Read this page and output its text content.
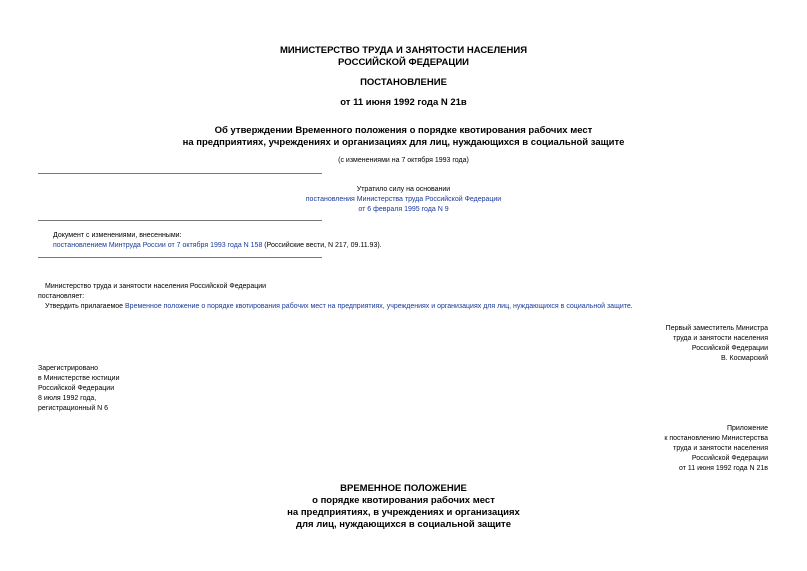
МИНИСТЕРСТВО ТРУДА И ЗАНЯТОСТИ НАСЕЛЕНИЯ
РОССИЙСКОЙ ФЕДЕРАЦИИ
ПОСТАНОВЛЕНИЕ
от 11 июня 1992 года N 21в
Об утверждении Временного положения о порядке квотирования рабочих мест
на предприятиях, учреждениях и организациях для лиц, нуждающихся в социальной защите
(с изменениями на 7 октября 1993 года)
Утратило силу на основании
постановления Министерства труда Российской Федерации
от 6 февраля 1995 года N 9
Документ с изменениями, внесенными:
постановлением Минтруда России от 7 октября 1993 года N 158 (Российские вести, N 217, 09.11.93).
Министерство труда и занятости населения Российской Федерации
постановляет:
Утвердить прилагаемое Временное положение о порядке квотирования рабочих мест на предприятиях, учреждениях и организациях для лиц, нуждающихся в социальной защите.
Первый заместитель Министра
труда и занятости населения
Российской Федерации
В. Космарский
Зарегистрировано
в Министерстве юстиции
Российской Федерации
8 июля 1992 года,
регистрационный N 6
Приложение
к постановлению Министерства
труда и занятости населения
Российской Федерации
от 11 июня 1992 года N 21в
ВРЕМЕННОЕ ПОЛОЖЕНИЕ
о порядке квотирования рабочих мест
на предприятиях, в учреждениях и организациях
для лиц, нуждающихся в социальной защите
